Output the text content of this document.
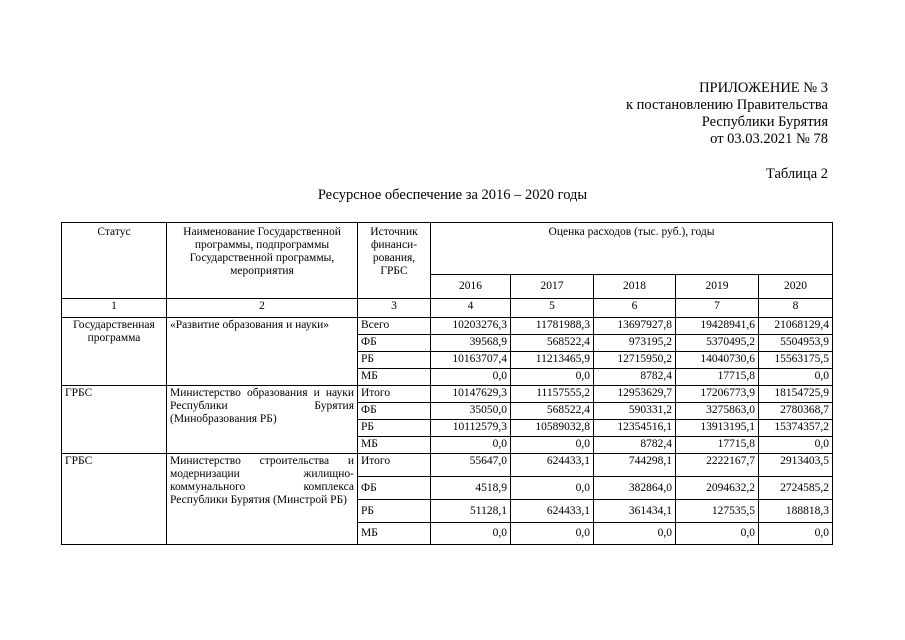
ПРИЛОЖЕНИЕ № 3
к постановлению Правительства
Республики Бурятия
от 03.03.2021 № 78
Таблица 2
Ресурсное обеспечение за 2016 – 2020 годы
Статус	Наименование Государственной программы, подпрограммы Государственной программы, мероприятия	Источник финанси-рования, ГРБС	Оценка расходов (тыс. руб.), годы				
			2016	2017	2018	2019	2020
1	2	3	4	5	6	7	8
Государственная программа	«Развитие образования и науки»	Всего	10203276,3	11781988,3	13697927,8	19428941,6	21068129,4
		ФБ	39568,9	568522,4	973195,2	5370495,2	5504953,9
		РБ	10163707,4	11213465,9	12715950,2	14040730,6	15563175,5
		МБ	0,0	0,0	8782,4	17715,8	0,0
ГРБС	Министерство образования и науки Республики Бурятия (Минобразования РБ)	Итого	10147629,3	11157555,2	12953629,7	17206773,9	18154725,9
		ФБ	35050,0	568522,4	590331,2	3275863,0	2780368,7
		РБ	10112579,3	10589032,8	12354516,1	13913195,1	15374357,2
		МБ	0,0	0,0	8782,4	17715,8	0,0
ГРБС	Министерство строительства и модернизации жилищно-коммунального комплекса Республики Бурятия (Минстрой РБ)	Итого	55647,0	624433,1	744298,1	2222167,7	2913403,5
		ФБ	4518,9	0,0	382864,0	2094632,2	2724585,2
		РБ	51128,1	624433,1	361434,1	127535,5	188818,3
		МБ	0,0	0,0	0,0	0,0	0,0
